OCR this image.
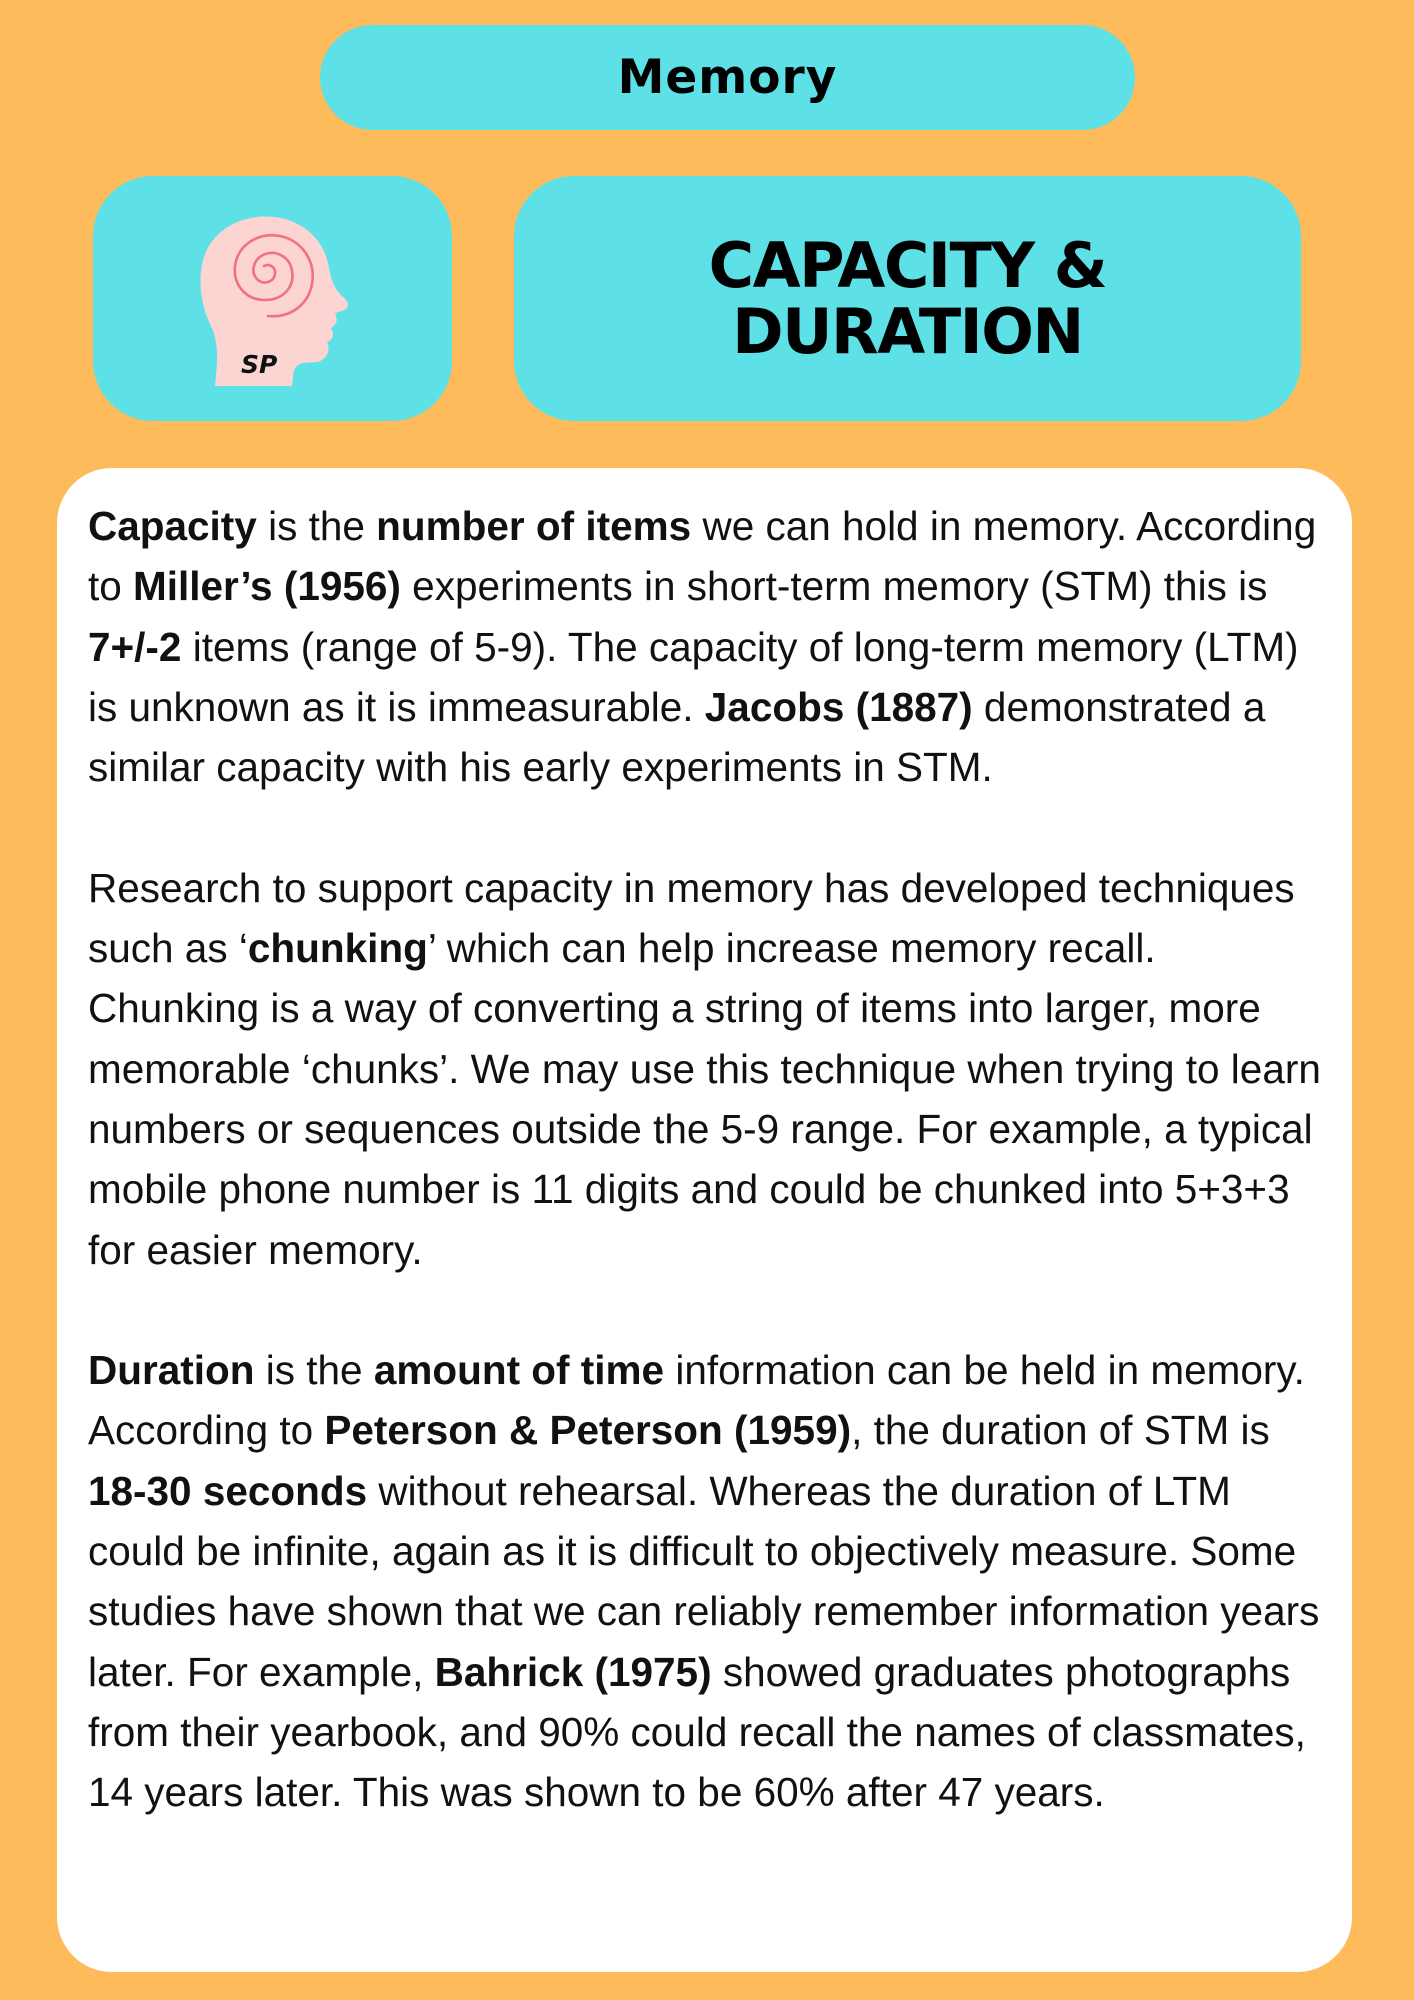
Memory
SP
CAPACITY &
DURATION

Capacity is the number of items we can hold in memory. According to Miller’s (1956) experiments in short-term memory (STM) this is 7+/-2 items (range of 5-9). The capacity of long-term memory (LTM) is unknown as it is immeasurable. Jacobs (1887) demonstrated a similar capacity with his early experiments in STM.

Research to support capacity in memory has developed techniques such as ‘chunking’ which can help increase memory recall. Chunking is a way of converting a string of items into larger, more memorable ‘chunks’. We may use this technique when trying to learn numbers or sequences outside the 5-9 range. For example, a typical mobile phone number is 11 digits and could be chunked into 5+3+3 for easier memory.

Duration is the amount of time information can be held in memory. According to Peterson & Peterson (1959), the duration of STM is 18-30 seconds without rehearsal. Whereas the duration of LTM could be infinite, again as it is difficult to objectively measure. Some studies have shown that we can reliably remember information years later. For example, Bahrick (1975) showed graduates photographs from their yearbook, and 90% could recall the names of classmates, 14 years later. This was shown to be 60% after 47 years.
